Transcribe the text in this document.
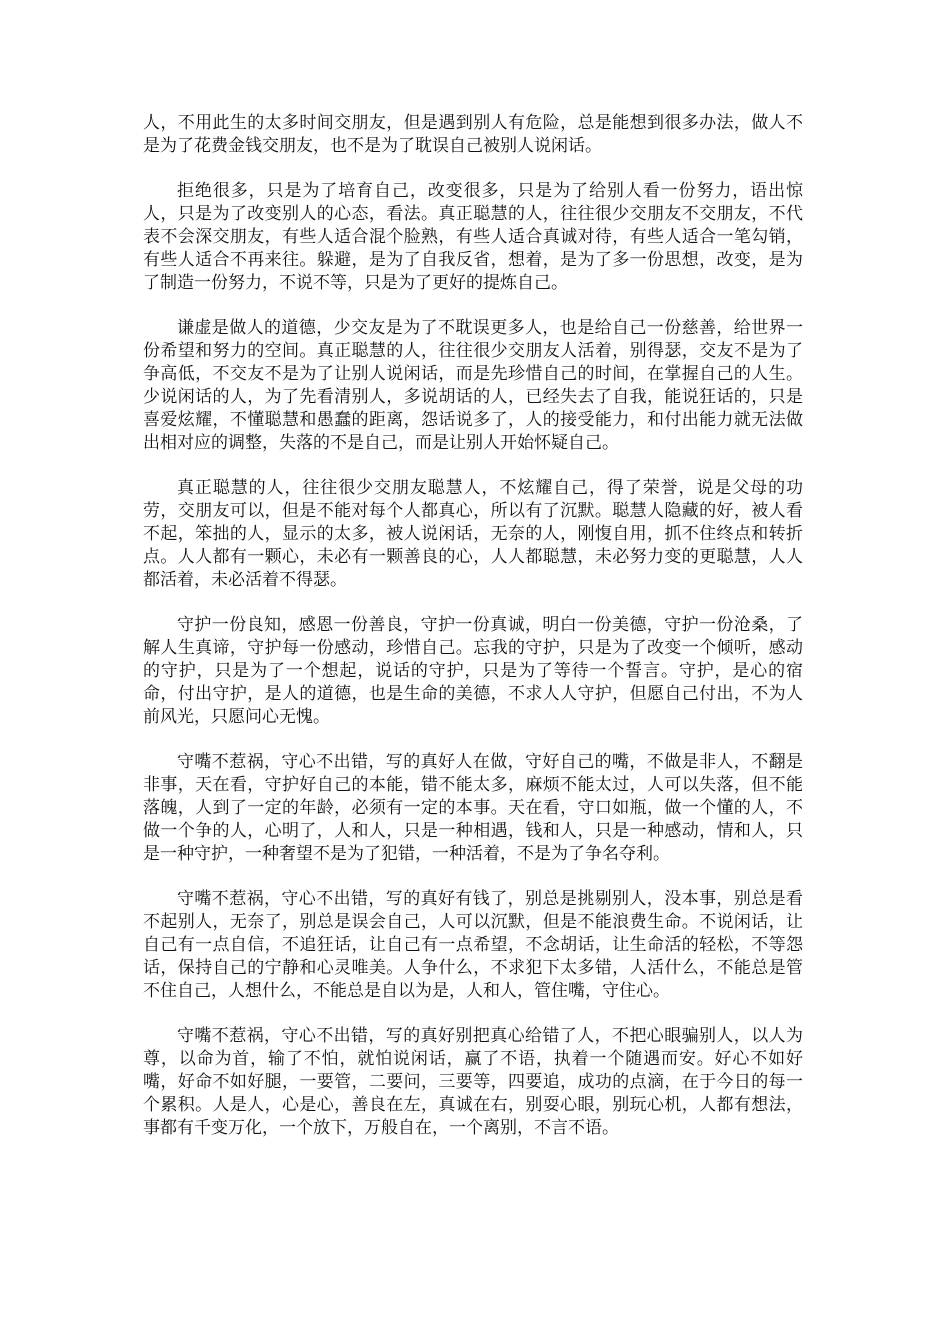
人，不用此生的太多时间交朋友，但是遇到别人有危险，总是能想到很多办法，做人不是为了花费金钱交朋友，也不是为了耽误自己被别人说闲话。

拒绝很多，只是为了培育自己，改变很多，只是为了给别人看一份努力，语出惊人，只是为了改变别人的心态，看法。真正聪慧的人，往往很少交朋友不交朋友，不代表不会深交朋友，有些人适合混个脸熟，有些人适合真诚对待，有些人适合一笔勾销，有些人适合不再来往。躲避，是为了自我反省，想着，是为了多一份思想，改变，是为了制造一份努力，不说不等，只是为了更好的提炼自己。

谦虚是做人的道德，少交友是为了不耽误更多人，也是给自己一份慈善，给世界一份希望和努力的空间。真正聪慧的人，往往很少交朋友人活着，别得瑟，交友不是为了争高低，不交友不是为了让别人说闲话，而是先珍惜自己的时间，在掌握自己的人生。少说闲话的人，为了先看清别人，多说胡话的人，已经失去了自我，能说狂话的，只是喜爱炫耀，不懂聪慧和愚蠢的距离，怨话说多了，人的接受能力，和付出能力就无法做出相对应的调整，失落的不是自己，而是让别人开始怀疑自己。

真正聪慧的人，往往很少交朋友聪慧人，不炫耀自己，得了荣誉，说是父母的功劳，交朋友可以，但是不能对每个人都真心，所以有了沉默。聪慧人隐藏的好，被人看不起，笨拙的人，显示的太多，被人说闲话，无奈的人，刚愎自用，抓不住终点和转折点。人人都有一颗心，未必有一颗善良的心，人人都聪慧，未必努力变的更聪慧，人人都活着，未必活着不得瑟。

守护一份良知，感恩一份善良，守护一份真诚，明白一份美德，守护一份沧桑，了解人生真谛，守护每一份感动，珍惜自己。忘我的守护，只是为了改变一个倾听，感动的守护，只是为了一个想起，说话的守护，只是为了等待一个誓言。守护，是心的宿命，付出守护，是人的道德，也是生命的美德，不求人人守护，但愿自己付出，不为人前风光，只愿问心无愧。

守嘴不惹祸，守心不出错，写的真好人在做，守好自己的嘴，不做是非人，不翻是非事，天在看，守护好自己的本能，错不能太多，麻烦不能太过，人可以失落，但不能落魄，人到了一定的年龄，必须有一定的本事。天在看，守口如瓶，做一个懂的人，不做一个争的人，心明了，人和人，只是一种相遇，钱和人，只是一种感动，情和人，只是一种守护，一种奢望不是为了犯错，一种活着，不是为了争名夺利。

守嘴不惹祸，守心不出错，写的真好有钱了，别总是挑剔别人，没本事，别总是看不起别人，无奈了，别总是误会自己，人可以沉默，但是不能浪费生命。不说闲话，让自己有一点自信，不追狂话，让自己有一点希望，不念胡话，让生命活的轻松，不等怨话，保持自己的宁静和心灵唯美。人争什么，不求犯下太多错，人活什么，不能总是管不住自己，人想什么，不能总是自以为是，人和人，管住嘴，守住心。

守嘴不惹祸，守心不出错，写的真好别把真心给错了人，不把心眼骗别人，以人为尊，以命为首，输了不怕，就怕说闲话，赢了不语，执着一个随遇而安。好心不如好嘴，好命不如好腿，一要管，二要问，三要等，四要追，成功的点滴，在于今日的每一个累积。人是人，心是心，善良在左，真诚在右，别耍心眼，别玩心机，人都有想法，事都有千变万化，一个放下，万般自在，一个离别，不言不语。
